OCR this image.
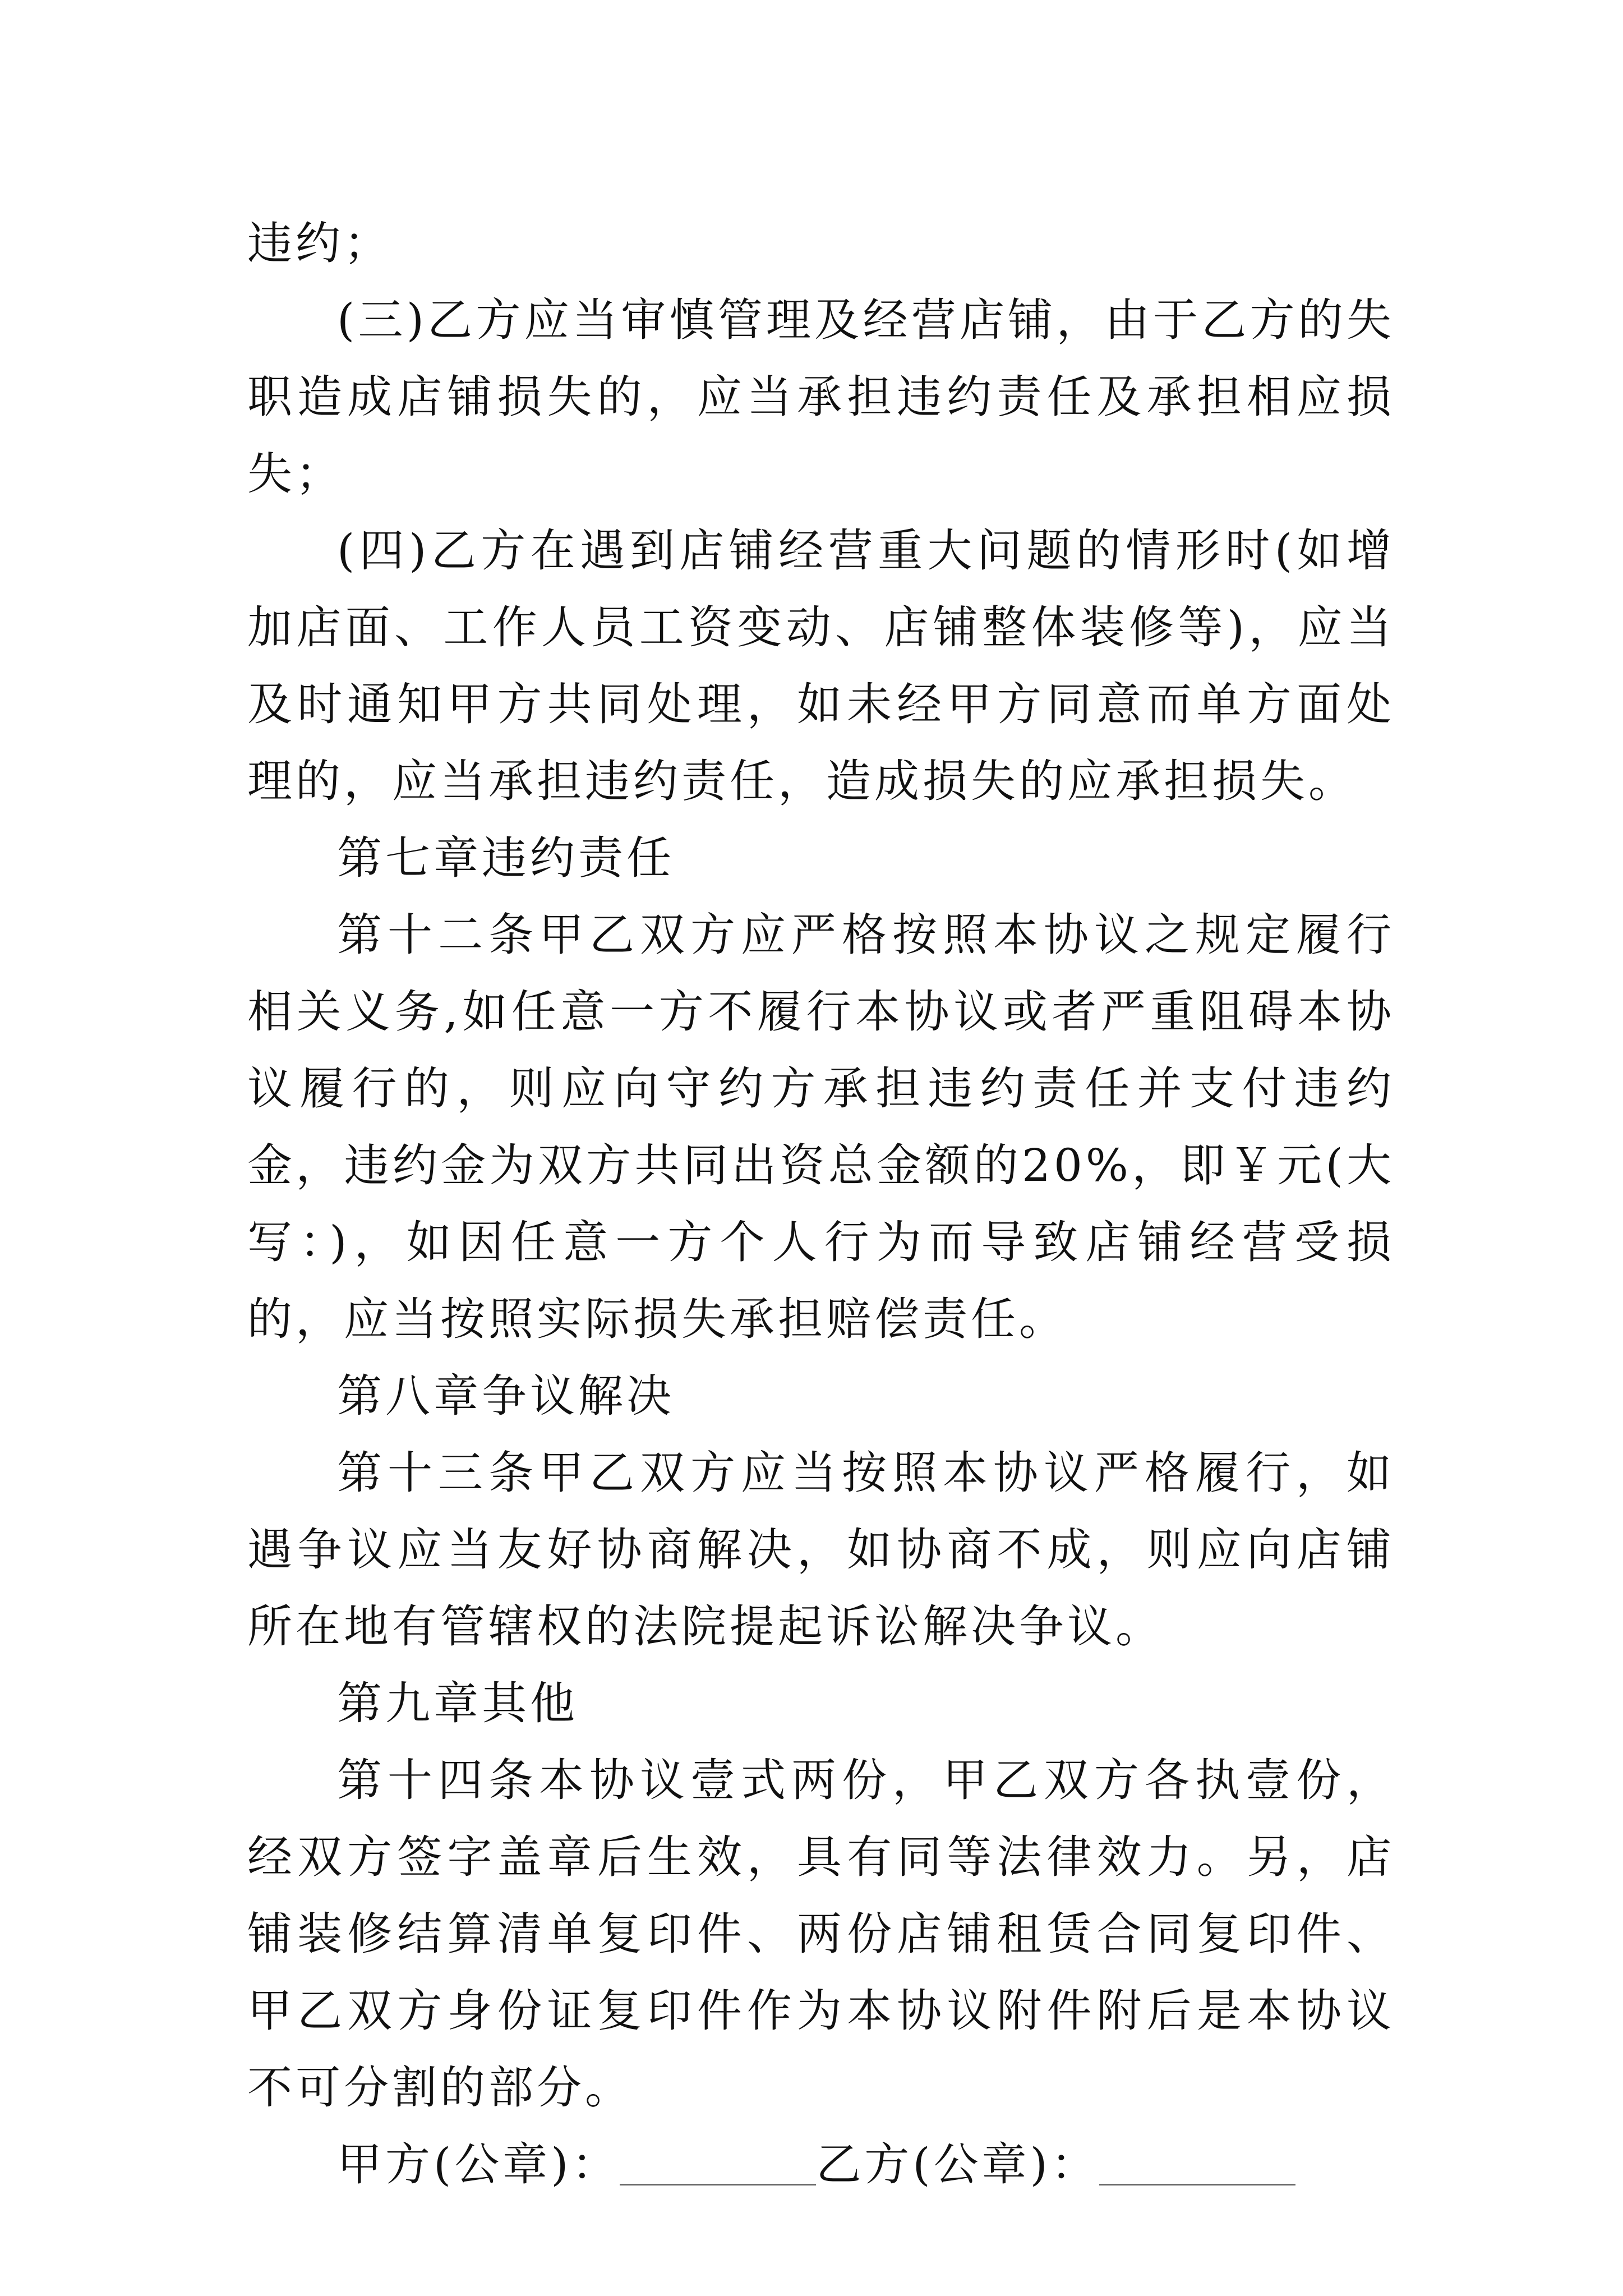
违约；

(三)乙方应当审慎管理及经营店铺，由于乙方的失职造成店铺损失的，应当承担违约责任及承担相应损失；

(四)乙方在遇到店铺经营重大问题的情形时(如增加店面、工作人员工资变动、店铺整体装修等)，应当及时通知甲方共同处理，如未经甲方同意而单方面处理的，应当承担违约责任，造成损失的应承担损失。

第七章违约责任

第十二条甲乙双方应严格按照本协议之规定履行相关义务,如任意一方不履行本协议或者严重阻碍本协议履行的，则应向守约方承担违约责任并支付违约金，违约金为双方共同出资总金额的20%，即￥元(大写：)，如因任意一方个人行为而导致店铺经营受损的，应当按照实际损失承担赔偿责任。

第八章争议解决

第十三条甲乙双方应当按照本协议严格履行，如遇争议应当友好协商解决，如协商不成，则应向店铺所在地有管辖权的法院提起诉讼解决争议。

第九章其他

第十四条本协议壹式两份，甲乙双方各执壹份，经双方签字盖章后生效，具有同等法律效力。另，店铺装修结算清单复印件、两份店铺租赁合同复印件、甲乙双方身份证复印件作为本协议附件附后是本协议不可分割的部分。

甲方(公章)：	乙方(公章)：
